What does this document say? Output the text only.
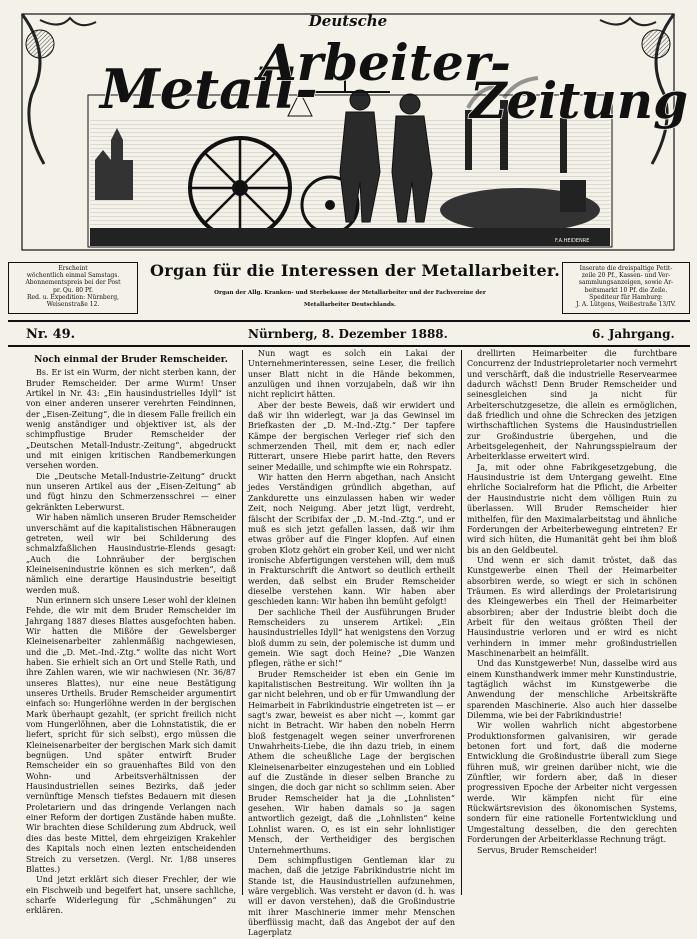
Deutsche
Metall-
Arbeiter-
Zeitung
F.A.HEIDENRE
Erscheint
wöchentlich einmal Samstags.
Abonnementspreis bei der Post
pr. Qu. 80 Pf.
Red. u. Expedition: Nürnberg,
Weisenstraße 12.
Inserate die dreispaltige Petit-
zeile 20 Pf., Kassen- und Ver-
sammlungsanzeigen, sowie Ar-
beitsmarkt 10 Pf. die Zeile.
Spediteur für Hamburg:
J. A. Lütgens, Weißestraße 13/IV.
Organ für die Interessen der Metallarbeiter.
Organ der Allg. Kranken- und Sterbekasse der Metallarbeiter und der Fachvereine der
Metallarbeiter Deutschlands.
Nr. 49.	Nürnberg, 8. Dezember 1888.	6. Jahrgang.

Noch einmal der Bruder Remscheider.

Bs. Er ist ein Wurm, der nicht sterben kann, der Bruder Remscheider. Der arme Wurm! Unser Artikel in Nr. 43: „Ein hausindustrielles Idyll“ ist von einer anderen unserer verehrten Feindinnen, der „Eisen-Zeitung“, die in diesem Falle freilich ein wenig anständiger und objektiver ist, als der schimpflustige Bruder Remscheider der „Deutschen Metall-Industr.-Zeitung“, abgedruckt und mit einigen kritischen Randbemerkungen versehen worden.

Die „Deutsche Metall-Industrie-Zeitung“ druckt nun unseren Artikel aus der „Eisen-Zeitung“ ab und fügt hinzu den Schmerzensschrei — einer gekränkten Leberwurst.

Wir haben nämlich unseren Bruder Remscheider unverschämt auf die kapitalistischen Häbneraugen getreten, weil wir bei Schilderung des schmalzfaßlichen Hausindustrie-Elends gesagt: „Auch die Lohnräuber der bergischen Kleineisenindustrie können es sich merken“, daß nämlich eine derartige Hausindustrie beseitigt werden muß.

Nun erinnern sich unsere Leser wohl der kleinen Fehde, die wir mit dem Bruder Remscheider im Jahrgang 1887 dieses Blattes ausgefochten haben. Wir hatten die Mißöre der Gewelsberger Kleineisenarbeiter zahlenmäßig nachgewiesen, und die „D. Met.-Ind.-Ztg.“ wollte das nicht Wort haben. Sie erhielt sich an Ort und Stelle Rath, und ihre Zahlen waren, wie wir nachwiesen (Nr. 36/87 unseres Blattes), nur eine neue Bestätigung unseres Urtheils. Bruder Remscheider argumentirt einfach so: Hungerlöhne werden in der bergischen Mark überhaupt gezahlt, (er spricht freilich nicht vom Hungerlöhnen, aber die Lohnstatistik, die er liefert, spricht für sich selbst), ergo müssen die Kleineisenarbeiter der bergischen Mark sich damit begnügen. Und später entwirft Bruder Remscheider ein so grauenhaftes Bild von den Wohn- und Arbeitsverhältnissen der Hausindustriellen seines Bezirks, daß jeder vernünftige Mensch tiefstes Bedauern mit diesen Proletariern und das dringende Verlangen nach einer Reform der dortigen Zustände haben mußte. Wir brachten diese Schilderung zum Abdruck, weil dies das beste Mittel, dem ehrgeizigen Krakehler des Kapitals noch einen lezten entscheidenden Streich zu versetzen. (Vergl. Nr. 1/88 unseres Blattes.)

Und jetzt erklärt sich dieser Frechler, der wie ein Fischweib und begeifert hat, unsere sachliche, scharfe Widerlegung für „Schmähungen“ zu erklären.

Nun wagt es solch ein Lakai der Unternehmerinteressen, seine Leser, die freilich unser Blatt nicht in die Hände bekommen, anzulügen und ihnen vorzujabeln, daß wir ihn nicht replicirt hätten.

Aber der beste Beweis, daß wir erwidert und daß wir ihn widerlegt, war ja das Gewinsel im Briefkasten der „D. M.-Ind.-Ztg.“ Der tapfere Kämpe der bergischen Verleger rief sich den schmerzenden Theil, mit dem er, nach edler Ritterart, unsere Hiebe parirt hatte, den Revers seiner Medaille, und schimpfte wie ein Rohrspatz.

Wir hatten den Herrn abgethan, nach Ansicht jedes Verständigen gründlich abgethan, auf Zankdurette uns einzulassen haben wir weder Zeit, noch Neigung. Aber jetzt lügt, verdreht, fälscht der Scribifax der „D. M.-Ind.-Ztg.“, und er muß es sich jetzt gefallen lassen, daß wir ihm etwas gröber auf die Finger klopfen. Auf einen groben Klotz gehört ein grober Keil, und wer nicht ironische Abfertigungen verstehen will, dem muß in Frakturschrift die Antwort so deutlich ertheilt werden, daß selbst ein Bruder Remscheider dieselbe verstehen kann. Wir haben aber geschieden kann: Wir haben ihn bemüht gefolgt!

Der sachliche Theil der Ausführungen Bruder Remscheiders zu unserem Artikel: „Ein hausindustrielles Idyll“ hat wenigstens den Vorzug bloß dumm zu sein, der polemische ist dumm und gemein. Wie sagt doch Heine? „Die Wanzen pflegen, räthe er sich!“

Bruder Remscheider ist eben ein Genie im kapitalistischen Bestreitung. Wir wollten ihn ja gar nicht belehren, und ob er für Umwandlung der Heimarbeit in Fabrikindustrie eingetreten ist — er sagt's zwar, beweist es aber nicht —, kommt gar nicht in Betracht. Wir haben den nobeln Herrn bloß festgenagelt wegen seiner unverfrorenen Unwahrheits-Liebe, die ihn dazu trieb, in einem Athem die scheußliche Lage der bergischen Kleineisenarbeiter einzugestehen und ein Loblied auf die Zustände in dieser selben Branche zu singen, die doch gar nicht so schlimm seien. Aber Bruder Remscheider hat ja die „Lohnlisten“ gesehen. Wir haben damals so ja sagen antwortlich gezeigt, daß die „Lohnlisten“ keine Lohnlist waren. O, es ist ein sehr lohnlistiger Mensch, der Vertheidiger des bergischen Unternehmerthums.

Dem schimpflustigen Gentleman klar zu machen, daß die jetzige Fabrikindustrie nicht im Stande ist, die Hausindustriellen aufzunehmen, wäre vergeblich. Was versteht er davon (d. h. was will er davon verstehen), daß die Großindustrie mit ihrer Maschinerie immer mehr Menschen überflüssig macht, daß das Angebot der auf den Lagerplatz

drellirten Heimarbeiter die furchtbare Concurrenz der Industrieproletarier noch vermehrt und verschärft, daß die industrielle Reservearmee dadurch wächst! Denn Bruder Remscheider und seinesgleichen sind ja nicht für Arbeiterschutzgesetze, die allein es ermöglichen, daß friedlich und ohne die Schrecken des jetzigen wirthschaftlichen Systems die Hausindustriellen zur Großindustrie übergehen, und die Arbeitsgelegenheit, der Nahrungsspielraum der Arbeiterklasse erweitert wird.

Ja, mit oder ohne Fabrikgesetzgebung, die Hausindustrie ist dem Untergang geweiht. Eine ehrliche Socialreform hat die Pflicht, die Arbeiter der Hausindustrie nicht dem völligen Ruin zu überlassen. Will Bruder Remscheider hier mithelfen, für den Maximalarbeitstag und ähnliche Forderungen der Arbeiterbewegung eintreten? Er wird sich hüten, die Humanität geht bei ihm bloß bis an den Geldbeutel.

Und wenn er sich damit tröstet, daß das Kunstgewerbe einen Theil der Heimarbeiter absorbiren werde, so wiegt er sich in schönen Träumen. Es wird allerdings der Proletarisirung des Kleingewerbes ein Theil der Heimarbeiter absorbiren; aber der Industrie bleibt doch die Arbeit für den weitaus größten Theil der Hausindustrie verloren und er wird es nicht verhindern in immer mehr großindustriellen Maschinenarbeit an heimfällt.

Und das Kunstgewerbe! Nun, dasselbe wird aus einem Kunsthandwerk immer mehr Kunstindustrie, tagtäglich wächst im Kunstgewerbe die Anwendung der menschliche Arbeitskräfte sparenden Maschinerie. Also auch hier dasselbe Dilemma, wie bei der Fabrikindustrie!

Wir wollen wahrlich nicht abgestorbene Produktionsformen galvanisiren, wir gerade betonen fort und fort, daß die moderne Entwicklung die Großindustrie überall zum Siege führen muß, wir greinen darüber nicht, wie die Zünftler, wir fordern aber, daß in dieser progressiven Epoche der Arbeiter nicht vergessen werde. Wir kämpfen nicht für eine Rückwärtsrevision des ökonomischen Systems, sondern für eine rationelle Fortentwicklung und Umgestaltung desselben, die den gerechten Forderungen der Arbeiterklasse Rechnung trägt.

Servus, Bruder Remscheider!
